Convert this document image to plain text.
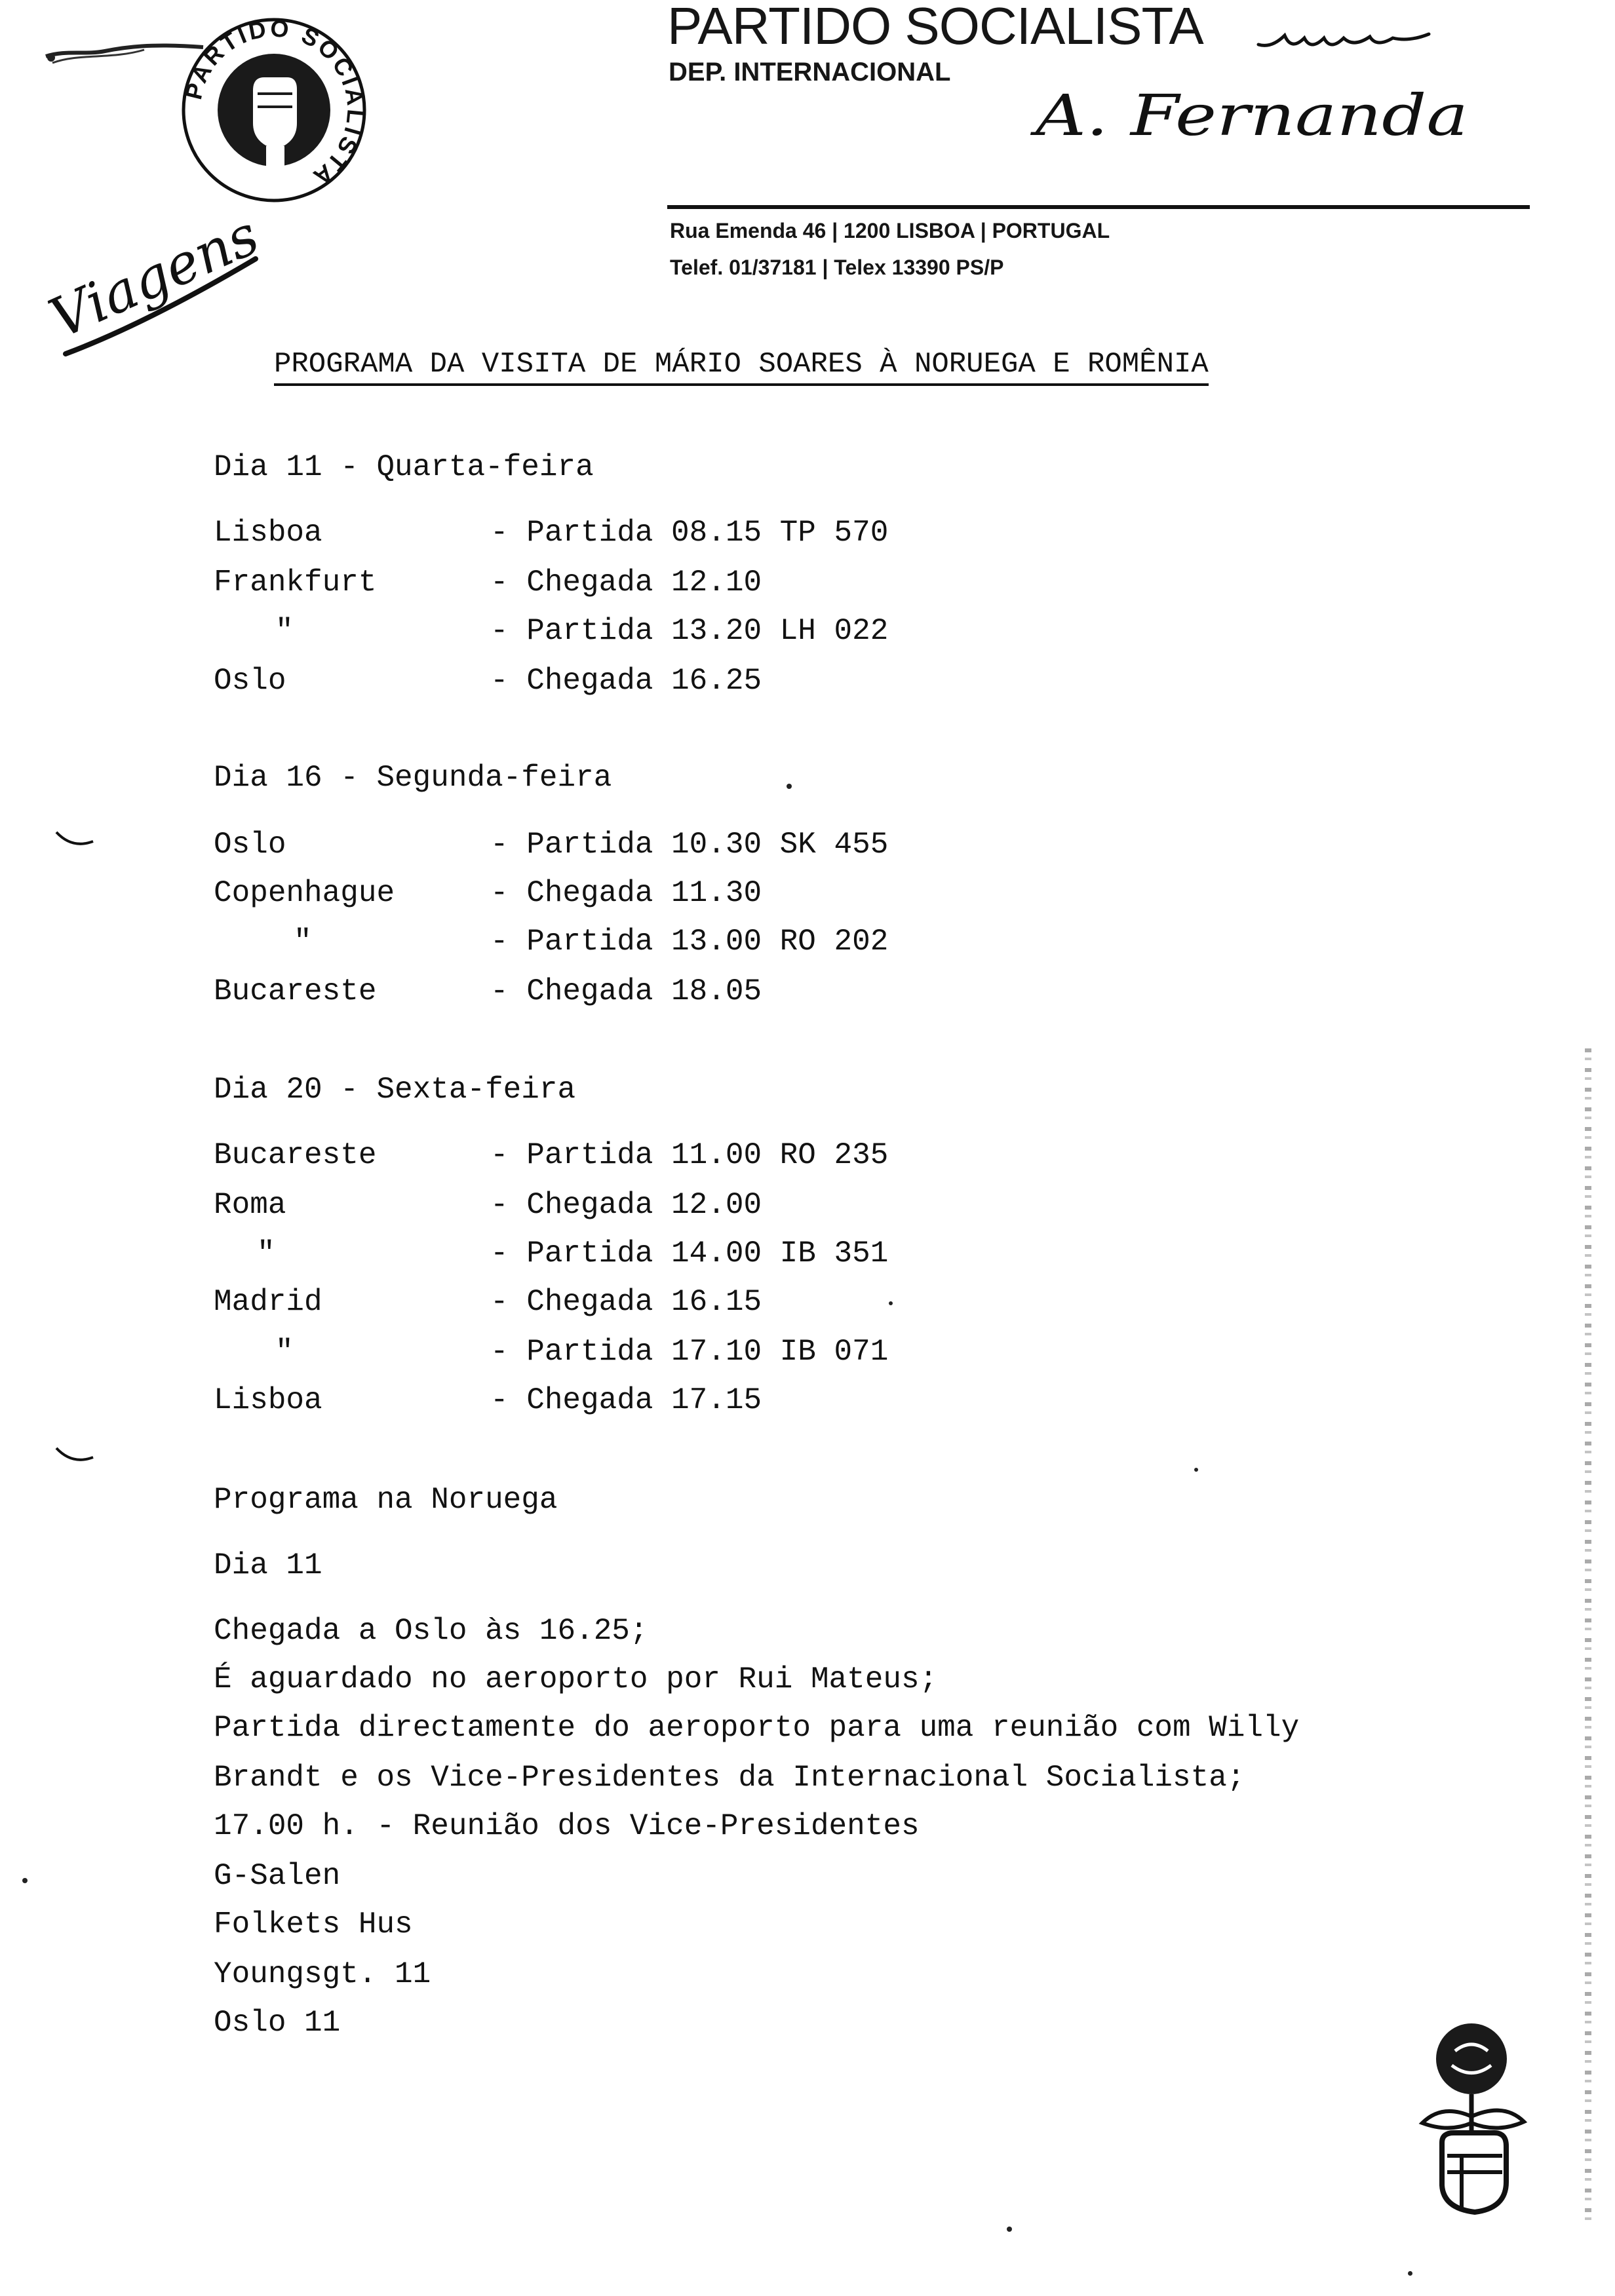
PARTIDO SOCIALISTA
PARTIDO SOCIALISTA
DEP. INTERNACIONAL
A. Fernanda
Rua Emenda 46 | 1200 LISBOA | PORTUGAL
Telef. 01/37181 | Telex 13390 PS/P
Viagens
PROGRAMA DA VISITA DE MÁRIO SOARES À NORUEGA E ROMÊNIA
Dia 11 - Quarta-feira
Lisboa	- Partida 08.15 TP 570
Frankfurt	- Chegada 12.10
"	- Partida 13.20 LH 022
Oslo	- Chegada 16.25
Dia 16 - Segunda-feira
Oslo	- Partida 10.30 SK 455
Copenhague	- Chegada 11.30
"	- Partida 13.00 RO 202
Bucareste	- Chegada 18.05
Dia 20 - Sexta-feira
Bucareste	- Partida 11.00 RO 235
Roma	- Chegada 12.00
"	- Partida 14.00 IB 351
Madrid	- Chegada 16.15
"	- Partida 17.10 IB 071
Lisboa	- Chegada 17.15
Programa na Noruega
Dia 11
Chegada a Oslo às 16.25;
É aguardado no aeroporto por Rui Mateus;
Partida directamente do aeroporto para uma reunião com Willy
Brandt e os Vice-Presidentes da Internacional Socialista;
17.00 h. - Reunião dos Vice-Presidentes
G-Salen
Folkets Hus
Youngsgt. 11
Oslo 11
